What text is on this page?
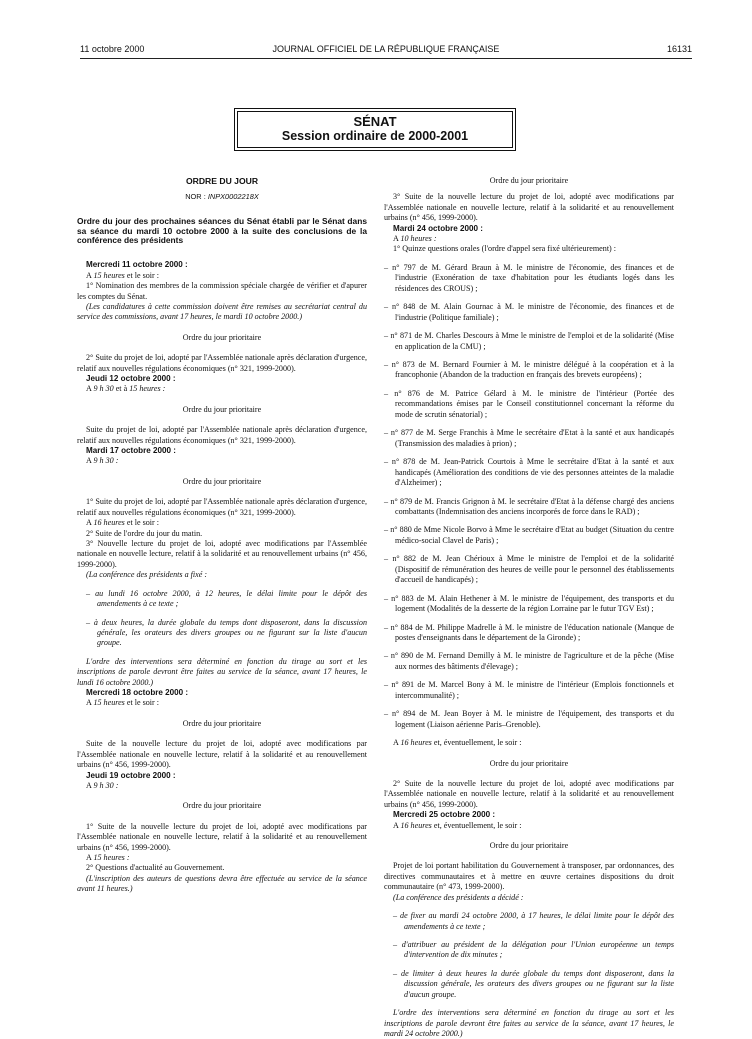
11 octobre 2000	JOURNAL OFFICIEL DE LA RÉPUBLIQUE FRANÇAISE	16131
SÉNAT
Session ordinaire de 2000-2001
ORDRE DU JOUR
NOR : INPX0002218X

Ordre du jour des prochaines séances du Sénat établi par le Sénat dans sa séance du mardi 10 octobre 2000 à la suite des conclusions de la conférence des présidents

Mercredi 11 octobre 2000 :

A 15 heures et le soir :

1° Nomination des membres de la commission spéciale chargée de vérifier et d'apurer les comptes du Sénat.

(Les candidatures à cette commission doivent être remises au secrétariat central du service des commissions, avant 17 heures, le mardi 10 octobre 2000.)

Ordre du jour prioritaire

2° Suite du projet de loi, adopté par l'Assemblée nationale après déclaration d'urgence, relatif aux nouvelles régulations économiques (n° 321, 1999-2000).

Jeudi 12 octobre 2000 :

A 9 h 30 et à 15 heures :

Ordre du jour prioritaire

Suite du projet de loi, adopté par l'Assemblée nationale après déclaration d'urgence, relatif aux nouvelles régulations économiques (n° 321, 1999-2000).

Mardi 17 octobre 2000 :

A 9 h 30 :

Ordre du jour prioritaire

1° Suite du projet de loi, adopté par l'Assemblée nationale après déclaration d'urgence, relatif aux nouvelles régulations économiques (n° 321, 1999-2000).

A 16 heures et le soir :

2° Suite de l'ordre du jour du matin.

3° Nouvelle lecture du projet de loi, adopté avec modifications par l'Assemblée nationale en nouvelle lecture, relatif à la solidarité et au renouvellement urbains (n° 456, 1999-2000).

(La conférence des présidents a fixé :

– au lundi 16 octobre 2000, à 12 heures, le délai limite pour le dépôt des amendements à ce texte ;

– à deux heures, la durée globale du temps dont disposeront, dans la discussion générale, les orateurs des divers groupes ou ne figurant sur la liste d'aucun groupe.

L'ordre des interventions sera déterminé en fonction du tirage au sort et les inscriptions de parole devront être faites au service de la séance, avant 17 heures, le lundi 16 octobre 2000.)

Mercredi 18 octobre 2000 :

A 15 heures et le soir :

Ordre du jour prioritaire

Suite de la nouvelle lecture du projet de loi, adopté avec modifications par l'Assemblée nationale en nouvelle lecture, relatif à la solidarité et au renouvellement urbains (n° 456, 1999-2000).

Jeudi 19 octobre 2000 :

A 9 h 30 :

Ordre du jour prioritaire

1° Suite de la nouvelle lecture du projet de loi, adopté avec modifications par l'Assemblée nationale en nouvelle lecture, relatif à la solidarité et au renouvellement urbains (n° 456, 1999-2000).

A 15 heures :

2° Questions d'actualité au Gouvernement.

(L'inscription des auteurs de questions devra être effectuée au service de la séance avant 11 heures.)

Ordre du jour prioritaire

3° Suite de la nouvelle lecture du projet de loi, adopté avec modifications par l'Assemblée nationale en nouvelle lecture, relatif à la solidarité et au renouvellement urbains (n° 456, 1999-2000).

Mardi 24 octobre 2000 :

A 10 heures :

1° Quinze questions orales (l'ordre d'appel sera fixé ultérieurement) :

– n° 797 de M. Gérard Braun à M. le ministre de l'économie, des finances et de l'industrie (Exonération de taxe d'habitation pour les étudiants logés dans les résidences des CROUS) ;

– n° 848 de M. Alain Gournac à M. le ministre de l'économie, des finances et de l'industrie (Politique familiale) ;

– n° 871 de M. Charles Descours à Mme le ministre de l'emploi et de la solidarité (Mise en application de la CMU) ;

– n° 873 de M. Bernard Fournier à M. le ministre délégué à la coopération et à la francophonie (Abandon de la traduction en français des brevets européens) ;

– n° 876 de M. Patrice Gélard à M. le ministre de l'intérieur (Portée des recommandations émises par le Conseil constitutionnel concernant la réforme du mode de scrutin sénatorial) ;

– n° 877 de M. Serge Franchis à Mme le secrétaire d'Etat à la santé et aux handicapés (Transmission des maladies à prion) ;

– n° 878 de M. Jean-Patrick Courtois à Mme le secrétaire d'Etat à la santé et aux handicapés (Amélioration des conditions de vie des personnes atteintes de la maladie d'Alzheimer) ;

– n° 879 de M. Francis Grignon à M. le secrétaire d'Etat à la défense chargé des anciens combattants (Indemnisation des anciens incorporés de force dans le RAD) ;

– n° 880 de Mme Nicole Borvo à Mme le secrétaire d'Etat au budget (Situation du centre médico-social Clavel de Paris) ;

– n° 882 de M. Jean Chérioux à Mme le ministre de l'emploi et de la solidarité (Dispositif de rémunération des heures de veille pour le personnel des établissements d'accueil de handicapés) ;

– n° 883 de M. Alain Hethener à M. le ministre de l'équipement, des transports et du logement (Modalités de la desserte de la région Lorraine par le futur TGV Est) ;

– n° 884 de M. Philippe Madrelle à M. le ministre de l'éducation nationale (Manque de postes d'enseignants dans le département de la Gironde) ;

– n° 890 de M. Fernand Demilly à M. le ministre de l'agriculture et de la pêche (Mise aux normes des bâtiments d'élevage) ;

– n° 891 de M. Marcel Bony à M. le ministre de l'intérieur (Emplois fonctionnels et intercommunalité) ;

– n° 894 de M. Jean Boyer à M. le ministre de l'équipement, des transports et du logement (Liaison aérienne Paris–Grenoble).

A 16 heures et, éventuellement, le soir :

Ordre du jour prioritaire

2° Suite de la nouvelle lecture du projet de loi, adopté avec modifications par l'Assemblée nationale en nouvelle lecture, relatif à la solidarité et au renouvellement urbains (n° 456, 1999-2000).

Mercredi 25 octobre 2000 :

A 16 heures et, éventuellement, le soir :

Ordre du jour prioritaire

Projet de loi portant habilitation du Gouvernement à transposer, par ordonnances, des directives communautaires et à mettre en œuvre certaines dispositions du droit communautaire (n° 473, 1999-2000).

(La conférence des présidents a décidé :

– de fixer au mardi 24 octobre 2000, à 17 heures, le délai limite pour le dépôt des amendements à ce texte ;

– d'attribuer au président de la délégation pour l'Union européenne un temps d'intervention de dix minutes ;

– de limiter à deux heures la durée globale du temps dont disposeront, dans la discussion générale, les orateurs des divers groupes ou ne figurant sur la liste d'aucun groupe.

L'ordre des interventions sera déterminé en fonction du tirage au sort et les inscriptions de parole devront être faites au service de la séance, avant 17 heures, le mardi 24 octobre 2000.)
